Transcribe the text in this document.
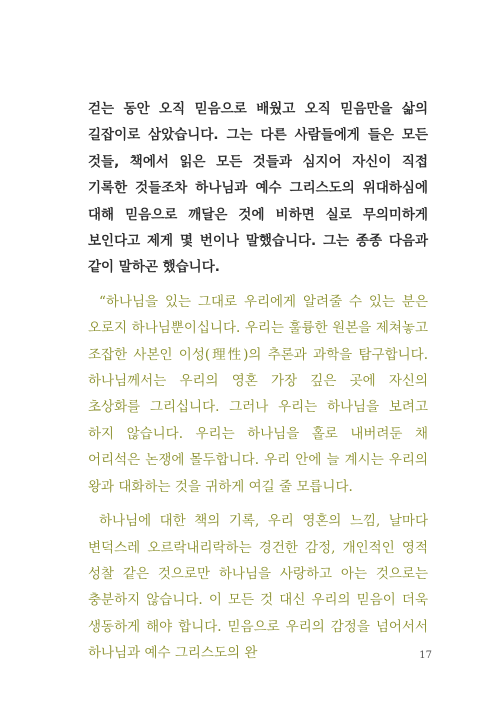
걷는 동안 오직 믿음으로 배웠고 오직 믿음만을 삶의 길잡이로 삼았습니다. 그는 다른 사람들에게 들은 모든 것들, 책에서 읽은 모든 것들과 심지어 자신이 직접 기록한 것들조차 하나님과 예수 그리스도의 위대하심에 대해 믿음으로 깨달은 것에 비하면 실로 무의미하게 보인다고 제게 몇 번이나 말했습니다. 그는 종종 다음과 같이 말하곤 했습니다.

“하나님을 있는 그대로 우리에게 알려줄 수 있는 분은 오로지 하나님뿐이십니다. 우리는 훌륭한 원본을 제쳐놓고 조잡한 사본인 이성(理性)의 추론과 과학을 탐구합니다. 하나님께서는 우리의 영혼 가장 깊은 곳에 자신의 초상화를 그리십니다. 그러나 우리는 하나님을 보려고 하지 않습니다. 우리는 하나님을 홀로 내버려둔 채 어리석은 논쟁에 몰두합니다. 우리 안에 늘 계시는 우리의 왕과 대화하는 것을 귀하게 여길 줄 모릅니다.

하나님에 대한 책의 기록, 우리 영혼의 느낌, 날마다 변덕스레 오르락내리락하는 경건한 감정, 개인적인 영적 성찰 같은 것으로만 하나님을 사랑하고 아는 것으로는 충분하지 않습니다. 이 모든 것 대신 우리의 믿음이 더욱 생동하게 해야 합니다. 믿음으로 우리의 감정을 넘어서서 하나님과 예수 그리스도의 완	17
